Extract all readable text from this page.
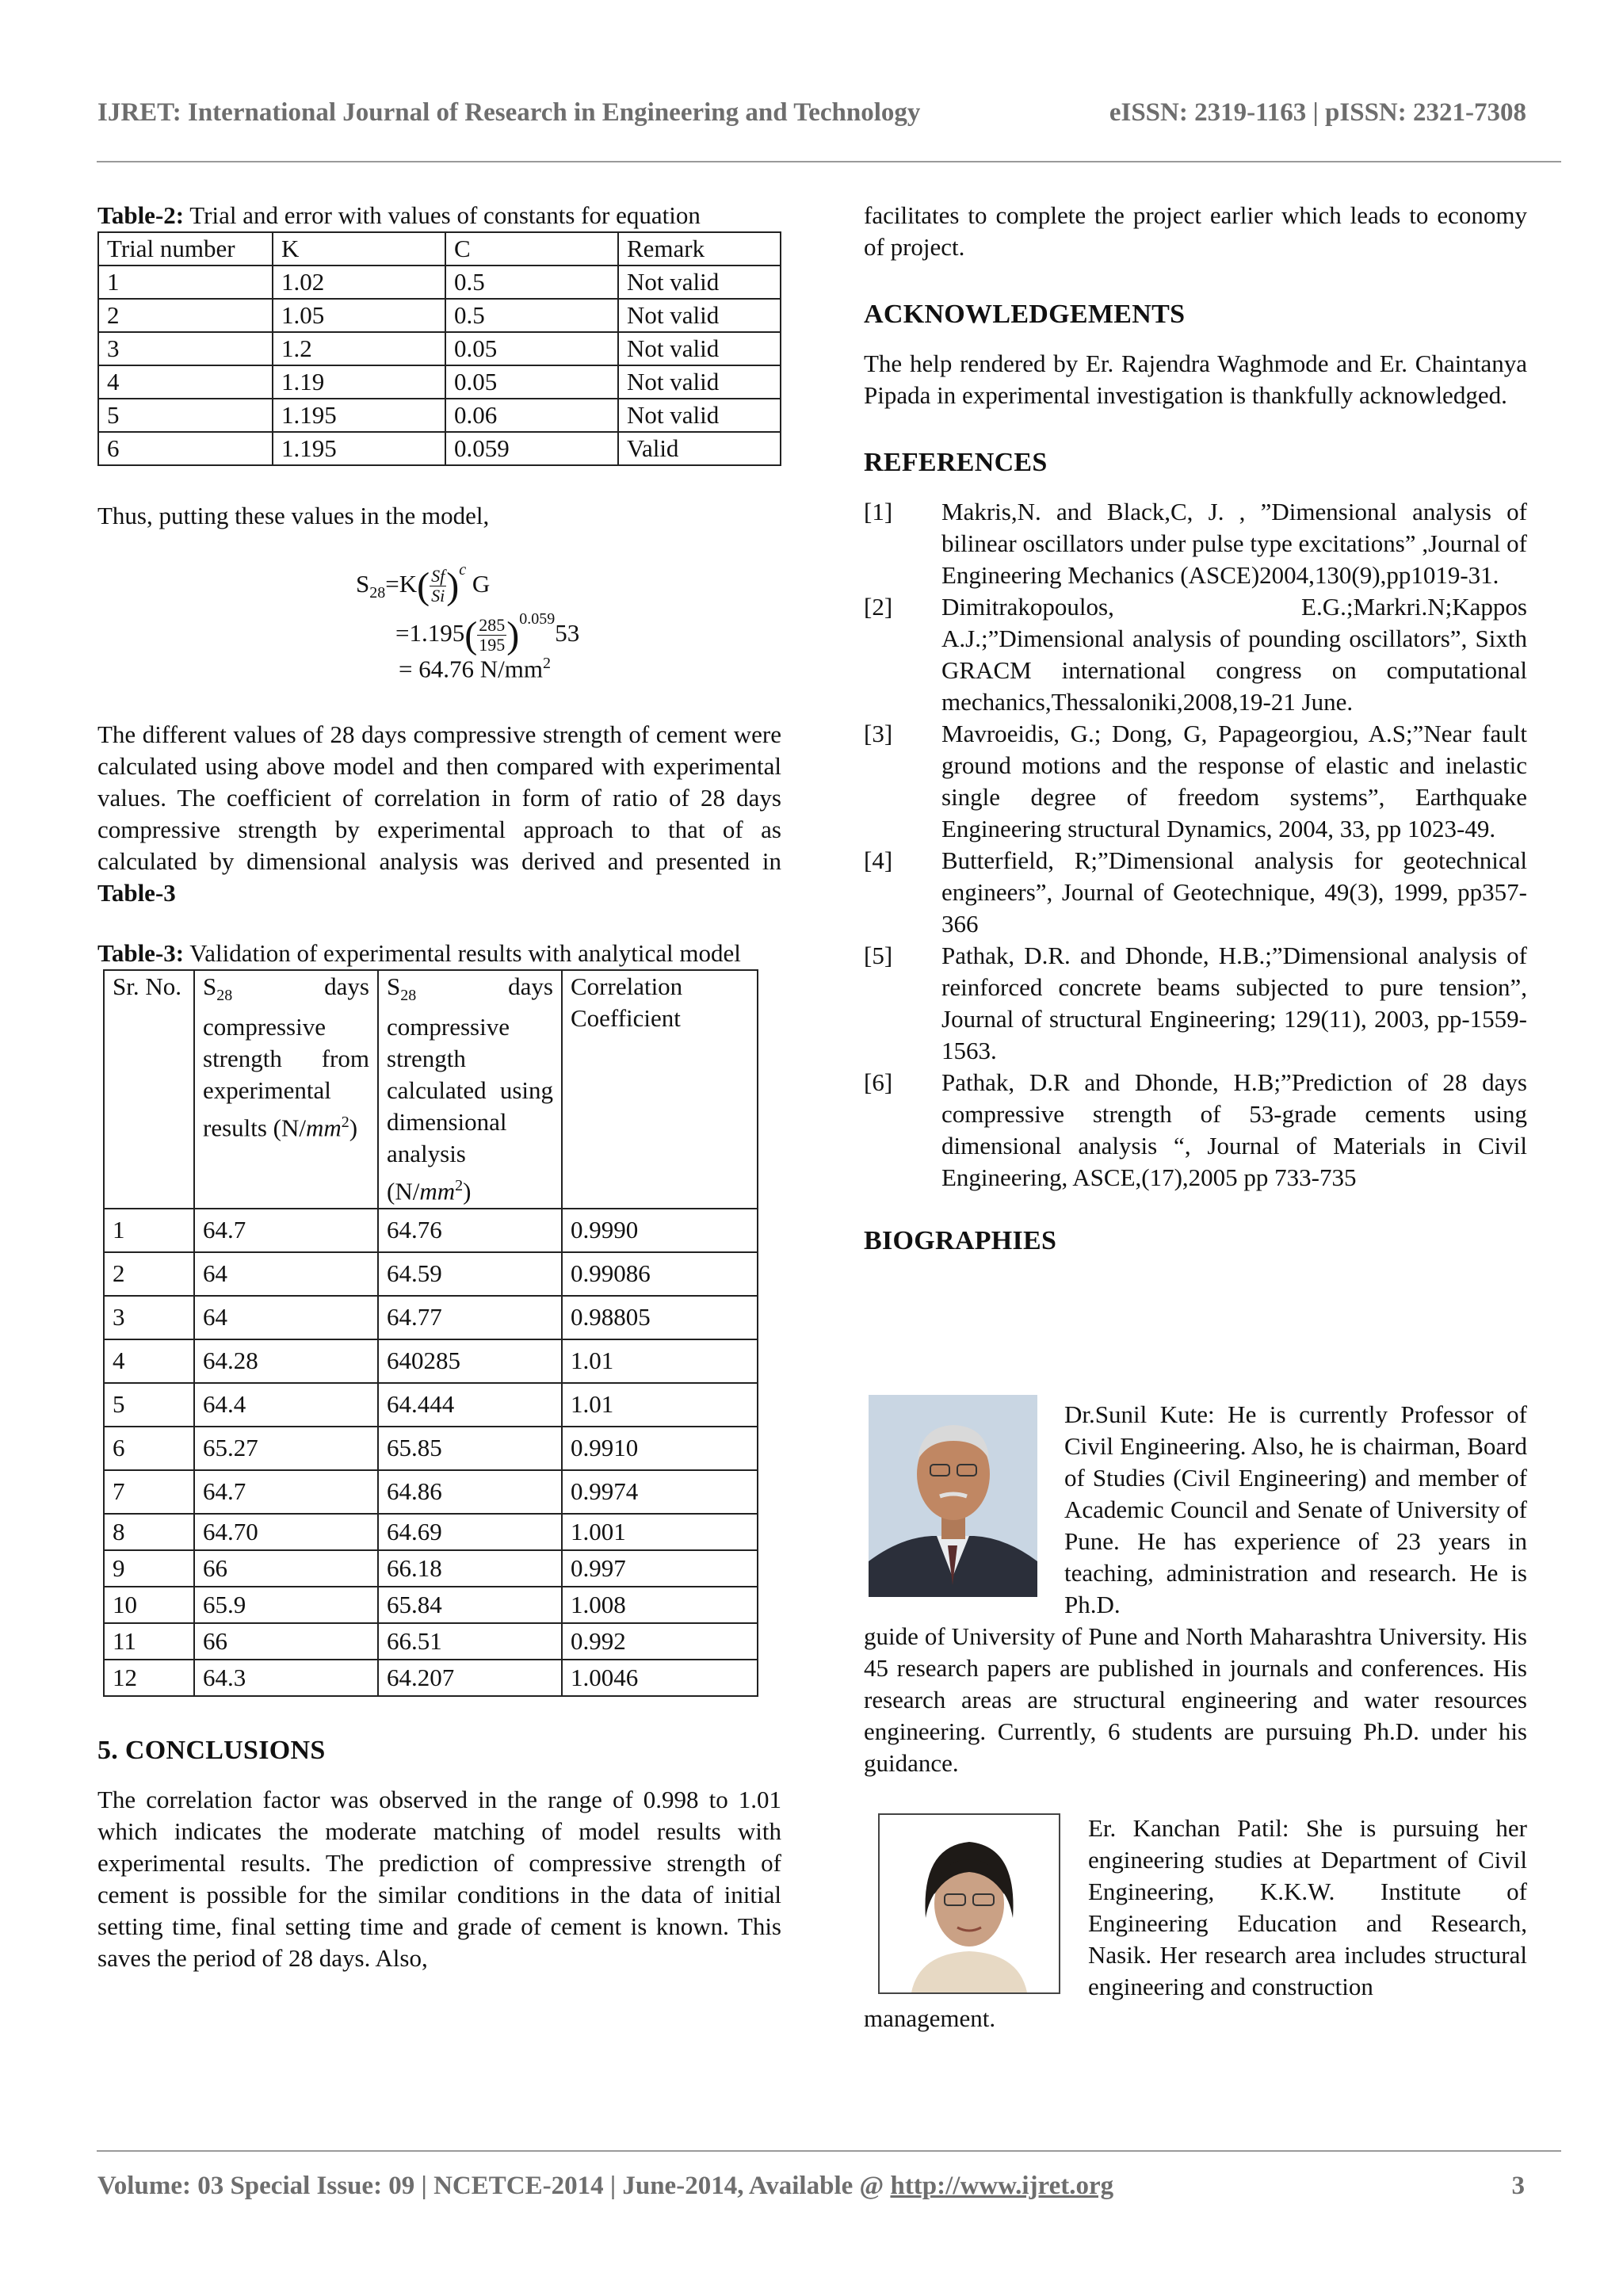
IJRET: International Journal of Research in Engineering and Technology	eISSN: 2319-1163 | pISSN: 2321-7308

Table-2: Trial and error with values of constants for equation

Trial number	K	C	Remark
1	1.02	0.5	Not valid
2	1.05	0.5	Not valid
3	1.2	0.05	Not valid
4	1.19	0.05	Not valid
5	1.195	0.06	Not valid
6	1.195	0.059	Valid

Thus, putting these values in the model,

$S_{28}=K( \frac{Sf}{Si} )^c$ G
$=1.195( \frac{285}{195} )^{0.059}53$
= 64.76 $N/mm^2$

The different values of 28 days compressive strength of cement were calculated using above model and then compared with experimental values. The coefficient of correlation in form of ratio of 28 days compressive strength by experimental approach to that of as calculated by dimensional analysis was derived and presented in Table-3

Table-3: Validation of experimental results with analytical model

Sr. No.	$S_{28}$ days compressive strength from experimental results $(N/mm^2)$	$S_{28}$ days compressive strength calculated using dimensional analysis $(N/mm^2)$	Correlation Coefficient
1	64.7	64.76	0.9990
2	64	64.59	0.99086
3	64	64.77	0.98805
4	64.28	640285	1.01
5	64.4	64.444	1.01
6	65.27	65.85	0.9910
7	64.7	64.86	0.9974
8	64.70	64.69	1.001
9	66	66.18	0.997
10	65.9	65.84	1.008
11	66	66.51	0.992
12	64.3	64.207	1.0046
5. CONCLUSIONS

The correlation factor was observed in the range of 0.998 to 1.01 which indicates the moderate matching of model results with experimental results. The prediction of compressive strength of cement is possible for the similar conditions in the data of initial setting time, final setting time and grade of cement is known. This saves the period of 28 days. Also,

facilitates to complete the project earlier which leads to economy of project.

ACKNOWLEDGEMENTS

The help rendered by Er. Rajendra Waghmode and Er. Chaintanya Pipada in experimental investigation is thankfully acknowledged.

REFERENCES

[1] Makris,N. and Black,C, J. , ”Dimensional analysis of bilinear oscillators under pulse type excitations” ,Journal of Engineering Mechanics (ASCE)2004,130(9),pp1019-31.

[2] Dimitrakopoulos, E.G.;Markri.N;Kappos A.J.;”Dimensional analysis of pounding oscillators”, Sixth GRACM international congress on computational mechanics,Thessaloniki,2008,19-21 June.

[3] Mavroeidis, G.; Dong, G, Papageorgiou, A.S;”Near fault ground motions and the response of elastic and inelastic single degree of freedom systems”, Earthquake Engineering structural Dynamics, 2004, 33, pp 1023-49.

[4] Butterfield, R;”Dimensional analysis for geotechnical engineers”, Journal of Geotechnique, 49(3), 1999, pp357-366

[5] Pathak, D.R. and Dhonde, H.B.;”Dimensional analysis of reinforced concrete beams subjected to pure tension”, Journal of structural Engineering; 129(11), 2003, pp-1559-1563.

[6] Pathak, D.R and Dhonde, H.B;”Prediction of 28 days compressive strength of 53-grade cements using dimensional analysis “, Journal of Materials in Civil Engineering, ASCE,(17),2005 pp 733-735

BIOGRAPHIES
Dr.Sunil Kute: He is currently Professor of Civil Engineering. Also, he is chairman, Board of Studies (Civil Engineering) and member of Academic Council and Senate of University of Pune. He has experience of 23 years in teaching, administration and research. He is Ph.D.
guide of University of Pune and North Maharashtra University. His 45 research papers are published in journals and conferences. His research areas are structural engineering and water resources engineering. Currently, 6 students are pursuing Ph.D. under his guidance.
Er. Kanchan Patil: She is pursuing her engineering studies at Department of Civil Engineering, K.K.W. Institute of Engineering Education and Research, Nasik. Her research area includes structural engineering and construction
management.
Volume: 03 Special Issue: 09 | NCETCE-2014 | June-2014, Available @ http://www.ijret.org	3
